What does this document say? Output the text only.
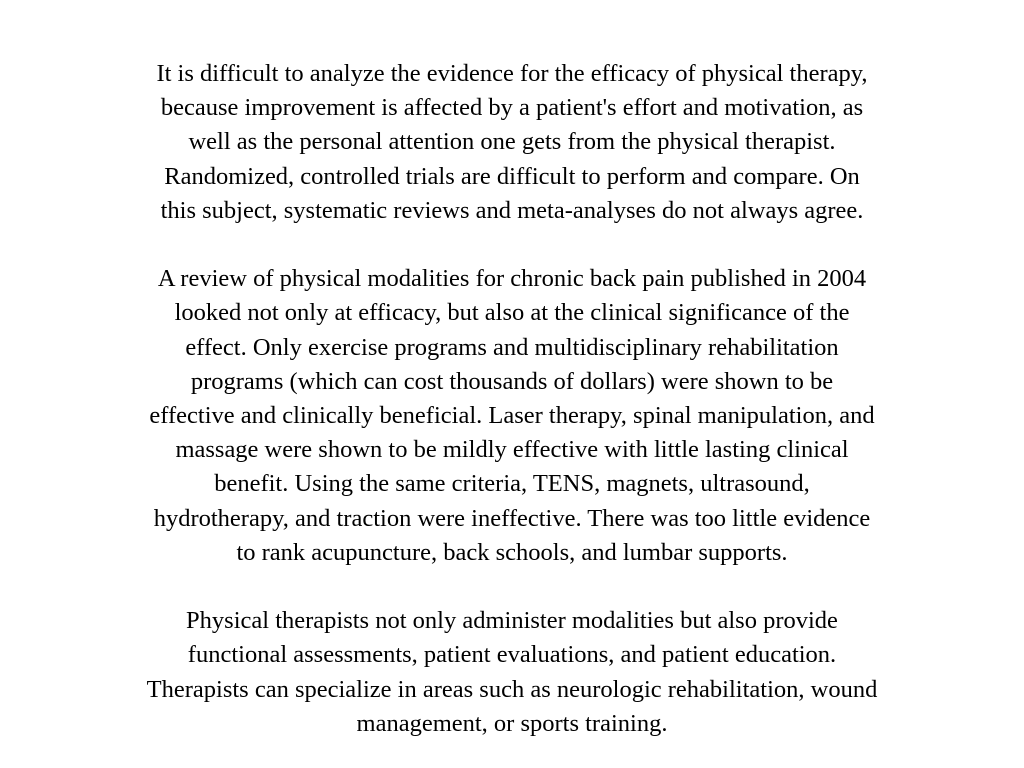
It is difficult to analyze the evidence for the efficacy of physical therapy,
because improvement is affected by a patient's effort and motivation, as
well as the personal attention one gets from the physical therapist.
Randomized, controlled trials are difficult to perform and compare. On
this subject, systematic reviews and meta-analyses do not always agree.

A review of physical modalities for chronic back pain published in 2004
looked not only at efficacy, but also at the clinical significance of the
effect. Only exercise programs and multidisciplinary rehabilitation
programs (which can cost thousands of dollars) were shown to be
effective and clinically beneficial. Laser therapy, spinal manipulation, and
massage were shown to be mildly effective with little lasting clinical
benefit. Using the same criteria, TENS, magnets, ultrasound,
hydrotherapy, and traction were ineffective. There was too little evidence
to rank acupuncture, back schools, and lumbar supports.

Physical therapists not only administer modalities but also provide
functional assessments, patient evaluations, and patient education.
Therapists can specialize in areas such as neurologic rehabilitation, wound
management, or sports training.
